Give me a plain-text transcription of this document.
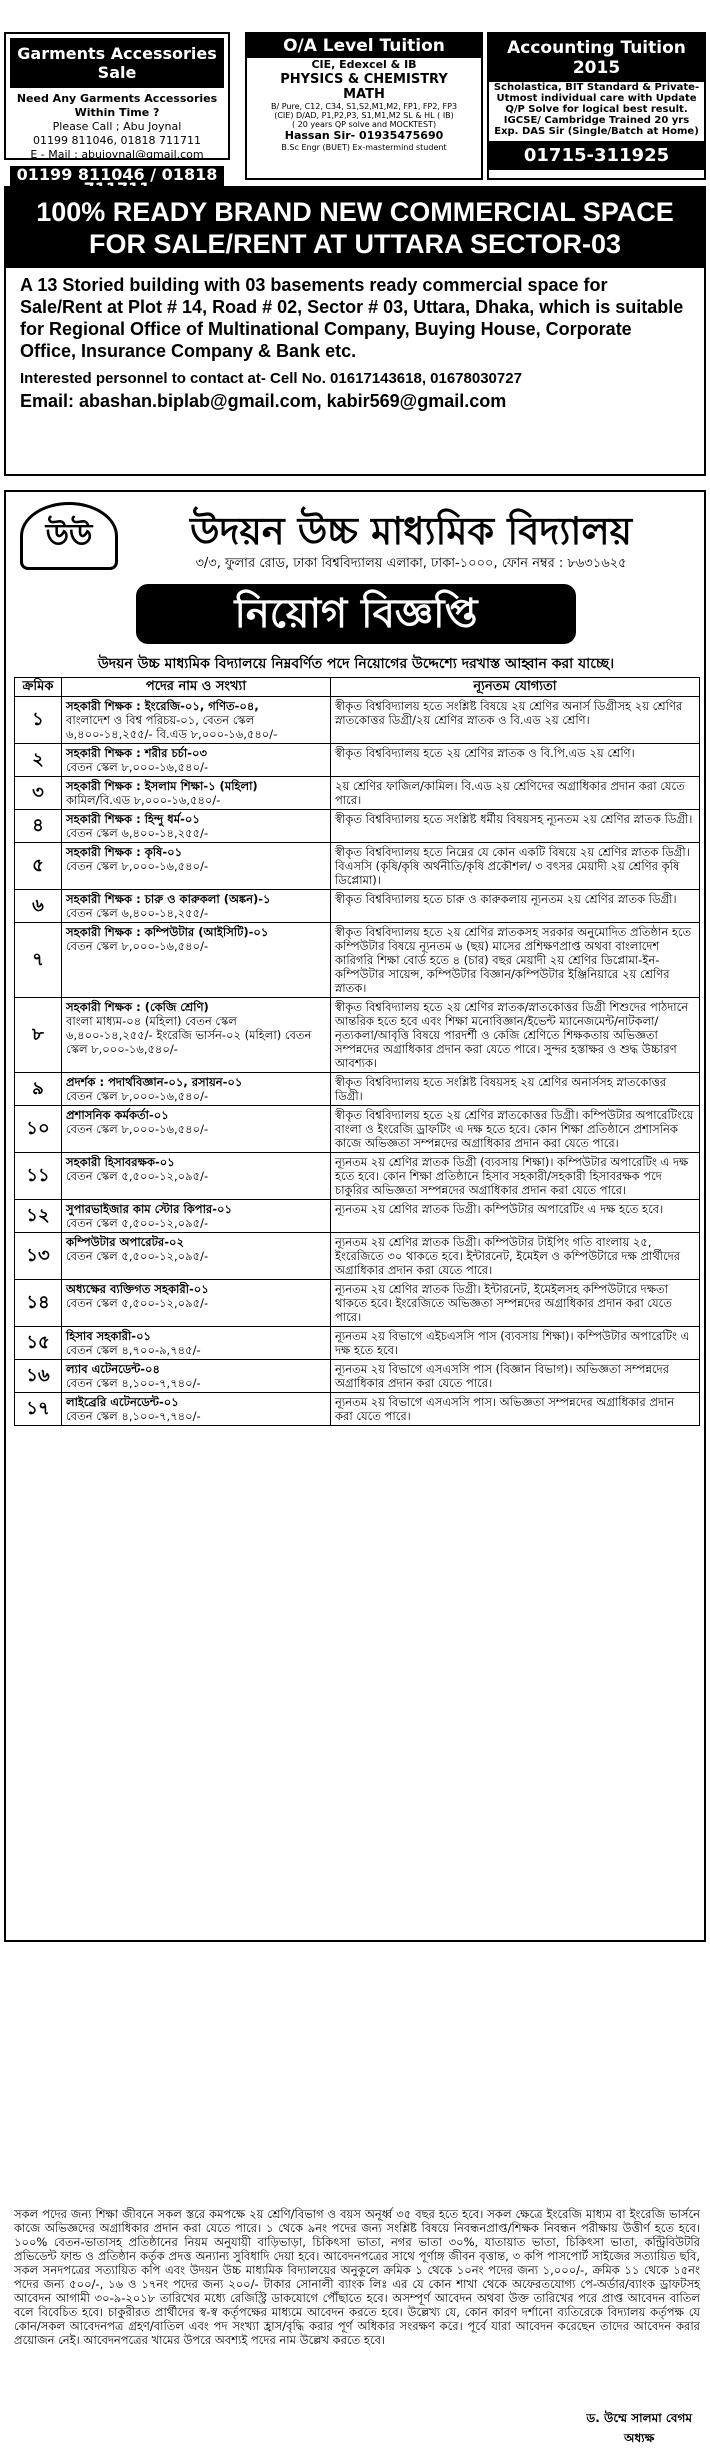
Garments Accessories Sale
Need Any Garments Accessories
Within Time ?
Please Call ; Abu Joynal
01199 811046, 01818 711711
E - Mail : abujoynal@gmail.com
01199 811046 / 01818
O/A Level Tuition
CIE, Edexcel & IB
PHYSICS & CHEMISTRY
MATH
B/ Pure, C12, C34, S1,S2,M1,M2, FP1, FP2, FP3
(CIE) D/AD, P1,P2,P3, S1,M1,M2 SL & HL ( IB)
( 20 years QP solve and MOCKTEST)
Hassan Sir- 01935475690
B.Sc Engr (BUET) Ex-mastermind student
Accounting Tuition 2015
Scholastica, BIT Standard & Private-
Utmost individual care with Update
Q/P Solve for logical best result.
IGCSE/ Cambridge Trained 20 yrs
Exp. DAS Sir (Single/Batch at Home)
01715-311925
100% READY BRAND NEW COMMERCIAL SPACE
FOR SALE/RENT AT UTTARA SECTOR-03
A 13 Storied building with 03 basements ready commercial space for Sale/Rent at Plot # 14, Road # 02, Sector # 03, Uttara, Dhaka, which is suitable for Regional Office of Multinational Company, Buying House, Corporate Office, Insurance Company & Bank etc.
Interested personnel to contact at- Cell No. 01617143618, 01678030727
Email: abashan.biplab@gmail.com, kabir569@gmail.com
উউ	উদয়ন উচ্চ মাধ্যমিক বিদ্যালয়
৩/৩, ফুলার রোড, ঢাকা বিশ্ববিদ্যালয় এলাকা, ঢাকা-১০০০, ফোন নম্বর : ৮৬৩১৬২৫
নিয়োগ বিজ্ঞপ্তি
উদয়ন উচ্চ মাধ্যমিক বিদ্যালয়ে নিম্নবর্ণিত পদে নিয়োগের উদ্দেশ্যে দরখাস্ত আহ্বান করা যাচ্ছে।
ক্রমিক	পদের নাম ও সংখ্যা	ন্যূনতম যোগ্যতা
১	সহকারী শিক্ষক : ইংরেজি-০১, গণিত-০৪,
বাংলাদেশ ও বিশ্ব পরিচয়-০১, বেতন স্কেল ৬,৪০০-১৪,২৫৫/- বি.এড ৮,০০০-১৬,৫৪০/-	স্বীকৃত বিশ্ববিদ্যালয় হতে সংশ্লিষ্ট বিষয়ে ২য় শ্রেণির অনার্স ডিগ্রীসহ ২য় শ্রেণির স্নাতকোত্তর ডিগ্রী/২য় শ্রেণির স্নাতক ও বি.এড ২য় শ্রেণি।
২	সহকারী শিক্ষক : শরীর চর্চা-০৩
বেতন স্কেল ৮,০০০-১৬,৫৪০/-	স্বীকৃত বিশ্ববিদ্যালয় হতে ২য় শ্রেণির স্নাতক ও বি.পি.এড ২য় শ্রেণি।
৩	সহকারী শিক্ষক : ইসলাম শিক্ষা-১ (মহিলা)
কামিল/বি.এড ৮,০০০-১৬,৫৪০/-	২য় শ্রেণির ফাজিল/কামিল। বি.এড ২য় শ্রেণিদের অগ্রাধিকার প্রদান করা যেতে পারে।
৪	সহকারী শিক্ষক : হিন্দু ধর্ম-০১
বেতন স্কেল ৬,৪০০-১৪,২৫৫/-	স্বীকৃত বিশ্ববিদ্যালয় হতে সংশ্লিষ্ট ধর্মীয় বিষয়সহ ন্যূনতম ২য় শ্রেণির স্নাতক ডিগ্রী।
৫	সহকারী শিক্ষক : কৃষি-০১
বেতন স্কেল ৮,০০০-১৬,৫৪০/-	স্বীকৃত বিশ্ববিদ্যালয় হতে নিম্নের যে কোন একটি বিষয়ে ২য় শ্রেণির স্নাতক ডিগ্রী। বিএসসি (কৃষি/কৃষি অর্থনীতি/কৃষি প্রকৌশল/ ৩ বৎসর মেয়াদী ২য় শ্রেণির কৃষি ডিপ্লোমা)।
৬	সহকারী শিক্ষক : চারু ও কারুকলা (অঙ্কন)-১
বেতন স্কেল ৬,৪০০-১৪,২৫৫/-	স্বীকৃত বিশ্ববিদ্যালয় হতে চারু ও কারুকলায় ন্যূনতম ২য় শ্রেণির স্নাতক ডিগ্রী।
৭	সহকারী শিক্ষক : কম্পিউটার (আইসিটি)-০১
বেতন স্কেল ৮,০০০-১৬,৫৪০/-	স্বীকৃত বিশ্ববিদ্যালয় হতে ২য় শ্রেণির স্নাতকসহ সরকার অনুমোদিত প্রতিষ্ঠান হতে কম্পিউটার বিষয়ে ন্যূনতম ৬ (ছয়) মাসের প্রশিক্ষণপ্রাপ্ত অথবা বাংলাদেশ কারিগরি শিক্ষা বোর্ড হতে ৪ (চার) বছর মেয়াদী ২য় শ্রেণির ডিপ্লোমা-ইন-কম্পিউটার সায়েন্স, কম্পিউটার বিজ্ঞান/কম্পিউটার ইঞ্জিনিয়ারে ২য় শ্রেণির স্নাতক।
৮	সহকারী শিক্ষক : (কেজি শ্রেণি)
বাংলা মাধ্যম-০৪ (মহিলা) বেতন স্কেল ৬,৪০০-১৪,২৫৫/- ইংরেজি ভার্সন-০২ (মহিলা) বেতন স্কেল ৮,০০০-১৬,৫৪০/-	স্বীকৃত বিশ্ববিদ্যালয় হতে ২য় শ্রেণির স্নাতক/স্নাতকোত্তর ডিগ্রী শিশুদের পাঠদানে আন্তরিক হতে হবে এবং শিক্ষা মনোবিজ্ঞান/ইভেন্ট ম্যানেজমেন্ট/নাটকলা/নৃত্যকলা/আবৃত্তি বিষয়ে পারদর্শী ও কেজি শ্রেণিতে শিক্ষকতায় অভিজ্ঞতা সম্পন্নদের অগ্রাধিকার প্রদান করা যেতে পারে। সুন্দর হস্তাক্ষর ও শুদ্ধ উচ্চারণ আবশ্যক।
৯	প্রদর্শক : পদার্থবিজ্ঞান-০১, রসায়ন-০১
বেতন স্কেল ৮,০০০-১৬,৫৪০/-	স্বীকৃত বিশ্ববিদ্যালয় হতে সংশ্লিষ্ট বিষয়সহ ২য় শ্রেণির অনার্সসহ স্নাতকোত্তর ডিগ্রী।
১০	প্রশাসনিক কর্মকর্তা-০১
বেতন স্কেল ৮,০০০-১৬,৫৪০/-	স্বীকৃত বিশ্ববিদ্যালয় হতে ২য় শ্রেণির স্নাতকোত্তর ডিগ্রী। কম্পিউটার অপারেটিংয়ে বাংলা ও ইংরেজি ড্রাফটিং এ দক্ষ হতে হবে। কোন শিক্ষা প্রতিষ্ঠানে প্রশাসনিক কাজে অভিজ্ঞতা সম্পন্নদের অগ্রাধিকার প্রদান করা যেতে পারে।
১১	সহকারী হিসাবরক্ষক-০১
বেতন স্কেল ৫,৫০০-১২,০৯৫/-	ন্যূনতম ২য় শ্রেণির স্নাতক ডিগ্রী (ব্যবসায় শিক্ষা)। কম্পিউটার অপারেটিং এ দক্ষ হতে হবে। কোন শিক্ষা প্রতিষ্ঠানে হিসাব সহকারী/সহকারী হিসাবরক্ষক পদে চাকুরির অভিজ্ঞতা সম্পন্নদের অগ্রাধিকার প্রদান করা যেতে পারে।
১২	সুপারভাইজার কাম স্টোর কিপার-০১
বেতন স্কেল ৫,৫০০-১২,০৯৫/-	ন্যূনতম ২য় শ্রেণির স্নাতক ডিগ্রী। কম্পিউটার অপারেটিং এ দক্ষ হতে হবে।
১৩	কম্পিউটার অপারেটর-০২
বেতন স্কেল ৫,৫০০-১২,০৯৫/-	ন্যূনতম ২য় শ্রেণির স্নাতক ডিগ্রী। কম্পিউটার টাইপিং গতি বাংলায় ২৫, ইংরেজিতে ৩০ থাকতে হবে। ইন্টারনেট, ইমেইল ও কম্পিউটারে দক্ষ প্রার্থীদের অগ্রাধিকার প্রদান করা যেতে পারে।
১৪	অধ্যক্ষের ব্যক্তিগত সহকারী-০১
বেতন স্কেল ৫,৫০০-১২,০৯৫/-	ন্যূনতম ২য় শ্রেণির স্নাতক ডিগ্রী। ইন্টারনেট, ইমেইলসহ কম্পিউটারে দক্ষতা থাকতে হবে। ইংরেজিতে অভিজ্ঞতা সম্পন্নদের অগ্রাধিকার প্রদান করা যেতে পারে।
১৫	হিসাব সহকারী-০১
বেতন স্কেল ৪,৭০০-৯,৭৪৫/-	ন্যূনতম ২য় বিভাগে এইচএসসি পাস (ব্যবসায় শিক্ষা)। কম্পিউটার অপারেটিং এ দক্ষ হতে হবে।
১৬	ল্যাব এটেনডেন্ট-০৪
বেতন স্কেল ৪,১০০-৭,৭৪০/-	ন্যূনতম ২য় বিভাগে এসএসসি পাস (বিজ্ঞান বিভাগ)। অভিজ্ঞতা সম্পন্নদের অগ্রাধিকার প্রদান করা যেতে পারে।
১৭	লাইব্রেরি এটেনডেন্ট-০১
বেতন স্কেল ৪,১০০-৭,৭৪০/-	ন্যূনতম ২য় বিভাগে এসএসসি পাস। অভিজ্ঞতা সম্পন্নদের অগ্রাধিকার প্রদান করা যেতে পারে।
সকল পদের জন্য শিক্ষা জীবনে সকল স্তরে কমপক্ষে ২য় শ্রেণি/বিভাগ ও বয়স অনূর্ধ্ব ৩৫ বছর হতে হবে। সকল ক্ষেত্রে ইংরেজি মাধ্যম বা ইংরেজি ভার্সনে কাজে অভিজ্ঞদের অগ্রাধিকার প্রদান করা যেতে পারে। ১ থেকে ৯নং পদের জন্য সংশ্লিষ্ট বিষয়ে নিবন্ধনপ্রাপ্ত/শিক্ষক নিবন্ধন পরীক্ষায় উত্তীর্ণ হতে হবে। ১০০% বেতন-ভাতাসহ প্রতিষ্ঠানের নিয়ম অনুযায়ী বাড়িভাড়া, চিকিৎসা ভাতা, নগর ভাতা ৩০%, যাতায়াত ভাতা, চিকিৎসা ভাতা, কন্ট্রিবিউটরি প্রভিডেন্ট ফান্ড ও প্রতিষ্ঠান কর্তৃক প্রদত্ত অন্যান্য সুবিধাদি দেয়া হবে। আবেদনপত্রের সাথে পূর্ণাঙ্গ জীবন বৃত্তান্ত, ৩ কপি পাসপোর্ট সাইজের সত্যায়িত ছবি, সকল সনদপত্রের সত্যায়িত কপি এবং উদয়ন উচ্চ মাধ্যমিক বিদ্যালয়ের অনুকূলে ক্রমিক ১ থেকে ১০নং পদের জন্য ১,০০০/-, ক্রমিক ১১ থেকে ১৫নং পদের জন্য ৫০০/-, ১৬ ও ১৭নং পদের জন্য ২০০/- টাকার সোনালী ব্যাংক লিঃ এর যে কোন শাখা থেকে অফেরতযোগ্য পে-অর্ডার/ব্যাংক ড্রাফটসহ আবেদন আগামী ৩০-৯-২০১৮ তারিখের মধ্যে রেজিস্ট্রি ডাকযোগে পৌঁছাতে হবে। অসম্পূর্ণ আবেদন অথবা উক্ত তারিখের পরে প্রাপ্ত আবেদন বাতিল বলে বিবেচিত হবে। চাকুরীরত প্রার্থীদের স্ব-স্ব কর্তৃপক্ষের মাধ্যমে আবেদন করতে হবে। উল্লেখ্য যে, কোন কারণ দর্শানো ব্যতিরেকে বিদ্যালয় কর্তৃপক্ষ যে কোন/সকল আবেদনপত্র গ্রহণ/বাতিল এবং পদ সংখ্যা হ্রাস/বৃদ্ধি করার পূর্ণ অধিকার সংরক্ষণ করে। পূর্বে যারা আবেদন করেছেন তাদের আবেদন করার প্রয়োজন নেই। আবেদনপত্রের খামের উপরে অবশ্যই পদের নাম উল্লেখ করতে হবে।
ড. উম্মে সালমা বেগম
অধ্যক্ষ
